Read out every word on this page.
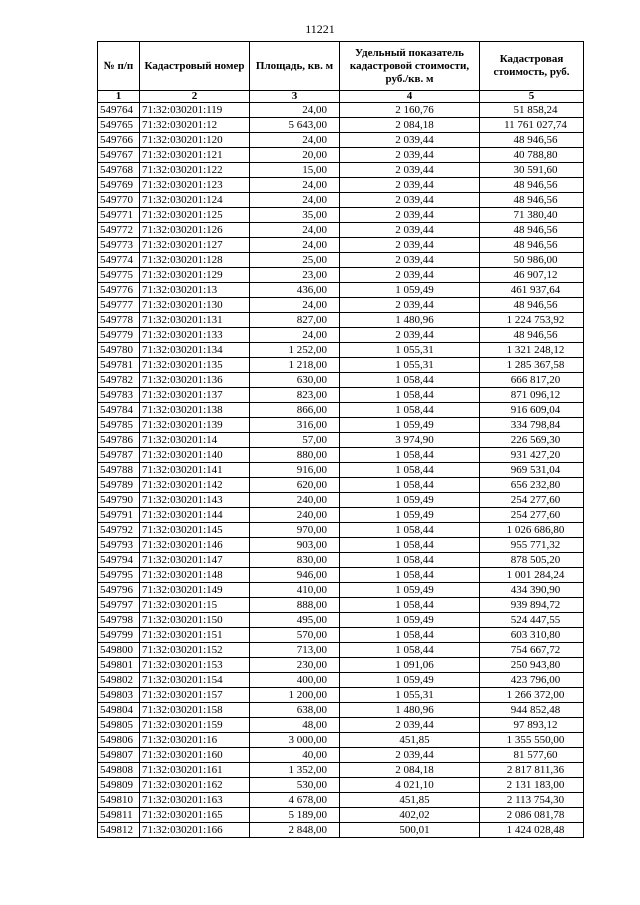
11221
№ п/п	Кадастровый номер	Площадь, кв. м	Удельный показатель кадастровой стоимости, руб./кв. м	Кадастровая стоимость, руб.
1	2	3	4	5
549764	71:32:030201:119	24,00	2 160,76	51 858,24
549765	71:32:030201:12	5 643,00	2 084,18	11 761 027,74
549766	71:32:030201:120	24,00	2 039,44	48 946,56
549767	71:32:030201:121	20,00	2 039,44	40 788,80
549768	71:32:030201:122	15,00	2 039,44	30 591,60
549769	71:32:030201:123	24,00	2 039,44	48 946,56
549770	71:32:030201:124	24,00	2 039,44	48 946,56
549771	71:32:030201:125	35,00	2 039,44	71 380,40
549772	71:32:030201:126	24,00	2 039,44	48 946,56
549773	71:32:030201:127	24,00	2 039,44	48 946,56
549774	71:32:030201:128	25,00	2 039,44	50 986,00
549775	71:32:030201:129	23,00	2 039,44	46 907,12
549776	71:32:030201:13	436,00	1 059,49	461 937,64
549777	71:32:030201:130	24,00	2 039,44	48 946,56
549778	71:32:030201:131	827,00	1 480,96	1 224 753,92
549779	71:32:030201:133	24,00	2 039,44	48 946,56
549780	71:32:030201:134	1 252,00	1 055,31	1 321 248,12
549781	71:32:030201:135	1 218,00	1 055,31	1 285 367,58
549782	71:32:030201:136	630,00	1 058,44	666 817,20
549783	71:32:030201:137	823,00	1 058,44	871 096,12
549784	71:32:030201:138	866,00	1 058,44	916 609,04
549785	71:32:030201:139	316,00	1 059,49	334 798,84
549786	71:32:030201:14	57,00	3 974,90	226 569,30
549787	71:32:030201:140	880,00	1 058,44	931 427,20
549788	71:32:030201:141	916,00	1 058,44	969 531,04
549789	71:32:030201:142	620,00	1 058,44	656 232,80
549790	71:32:030201:143	240,00	1 059,49	254 277,60
549791	71:32:030201:144	240,00	1 059,49	254 277,60
549792	71:32:030201:145	970,00	1 058,44	1 026 686,80
549793	71:32:030201:146	903,00	1 058,44	955 771,32
549794	71:32:030201:147	830,00	1 058,44	878 505,20
549795	71:32:030201:148	946,00	1 058,44	1 001 284,24
549796	71:32:030201:149	410,00	1 059,49	434 390,90
549797	71:32:030201:15	888,00	1 058,44	939 894,72
549798	71:32:030201:150	495,00	1 059,49	524 447,55
549799	71:32:030201:151	570,00	1 058,44	603 310,80
549800	71:32:030201:152	713,00	1 058,44	754 667,72
549801	71:32:030201:153	230,00	1 091,06	250 943,80
549802	71:32:030201:154	400,00	1 059,49	423 796,00
549803	71:32:030201:157	1 200,00	1 055,31	1 266 372,00
549804	71:32:030201:158	638,00	1 480,96	944 852,48
549805	71:32:030201:159	48,00	2 039,44	97 893,12
549806	71:32:030201:16	3 000,00	451,85	1 355 550,00
549807	71:32:030201:160	40,00	2 039,44	81 577,60
549808	71:32:030201:161	1 352,00	2 084,18	2 817 811,36
549809	71:32:030201:162	530,00	4 021,10	2 131 183,00
549810	71:32:030201:163	4 678,00	451,85	2 113 754,30
549811	71:32:030201:165	5 189,00	402,02	2 086 081,78
549812	71:32:030201:166	2 848,00	500,01	1 424 028,48
